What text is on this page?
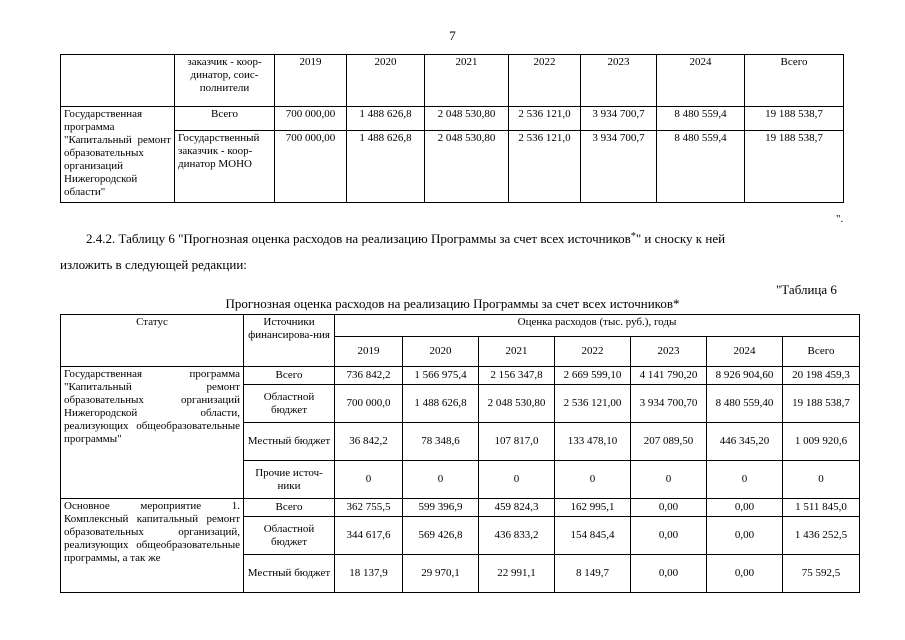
7
	заказчик - коор-динатор, соис-полнители	2019	2020	2021	2022	2023	2024	Всего
Государственная программа "Капитальный ремонт образовательных организаций Нижегородской области"	Всего	700 000,00	1 488 626,8	2 048 530,80	2 536 121,0	3 934 700,7	8 480 559,4	19 188 538,7
	Государственный заказчик - коор-динатор МОНО	700 000,00	1 488 626,8	2 048 530,80	2 536 121,0	3 934 700,7	8 480 559,4	19 188 538,7
".
2.4.2. Таблицу 6 "Прогнозная оценка расходов на реализацию Программы за счет всех источников*" и сноску к ней
изложить в следующей редакции:
"Таблица 6
Прогнозная оценка расходов на реализацию Программы за счет всех источников*
Статус	Источники финансирова-ния	Оценка расходов (тыс. руб.), годы						
		2019	2020	2021	2022	2023	2024	Всего
Государственная программа "Капитальный ремонт образовательных организаций Нижегородской области, реализующих общеобразовательные программы"	Всего	736 842,2	1 566 975,4	2 156 347,8	2 669 599,10	4 141 790,20	8 926 904,60	20 198 459,3
	Областной бюджет	700 000,0	1 488 626,8	2 048 530,80	2 536 121,00	3 934 700,70	8 480 559,40	19 188 538,7
	Местный бюджет	36 842,2	78 348,6	107 817,0	133 478,10	207 089,50	446 345,20	1 009 920,6
	Прочие источ-ники	0	0	0	0	0	0	0
Основное мероприятие 1. Комплексный капитальный ремонт образовательных организаций, реализующих общеобразовательные программы, а так же	Всего	362 755,5	599 396,9	459 824,3	162 995,1	0,00	0,00	1 511 845,0
	Областной бюджет	344 617,6	569 426,8	436 833,2	154 845,4	0,00	0,00	1 436 252,5
	Местный бюджет	18 137,9	29 970,1	22 991,1	8 149,7	0,00	0,00	75 592,5
